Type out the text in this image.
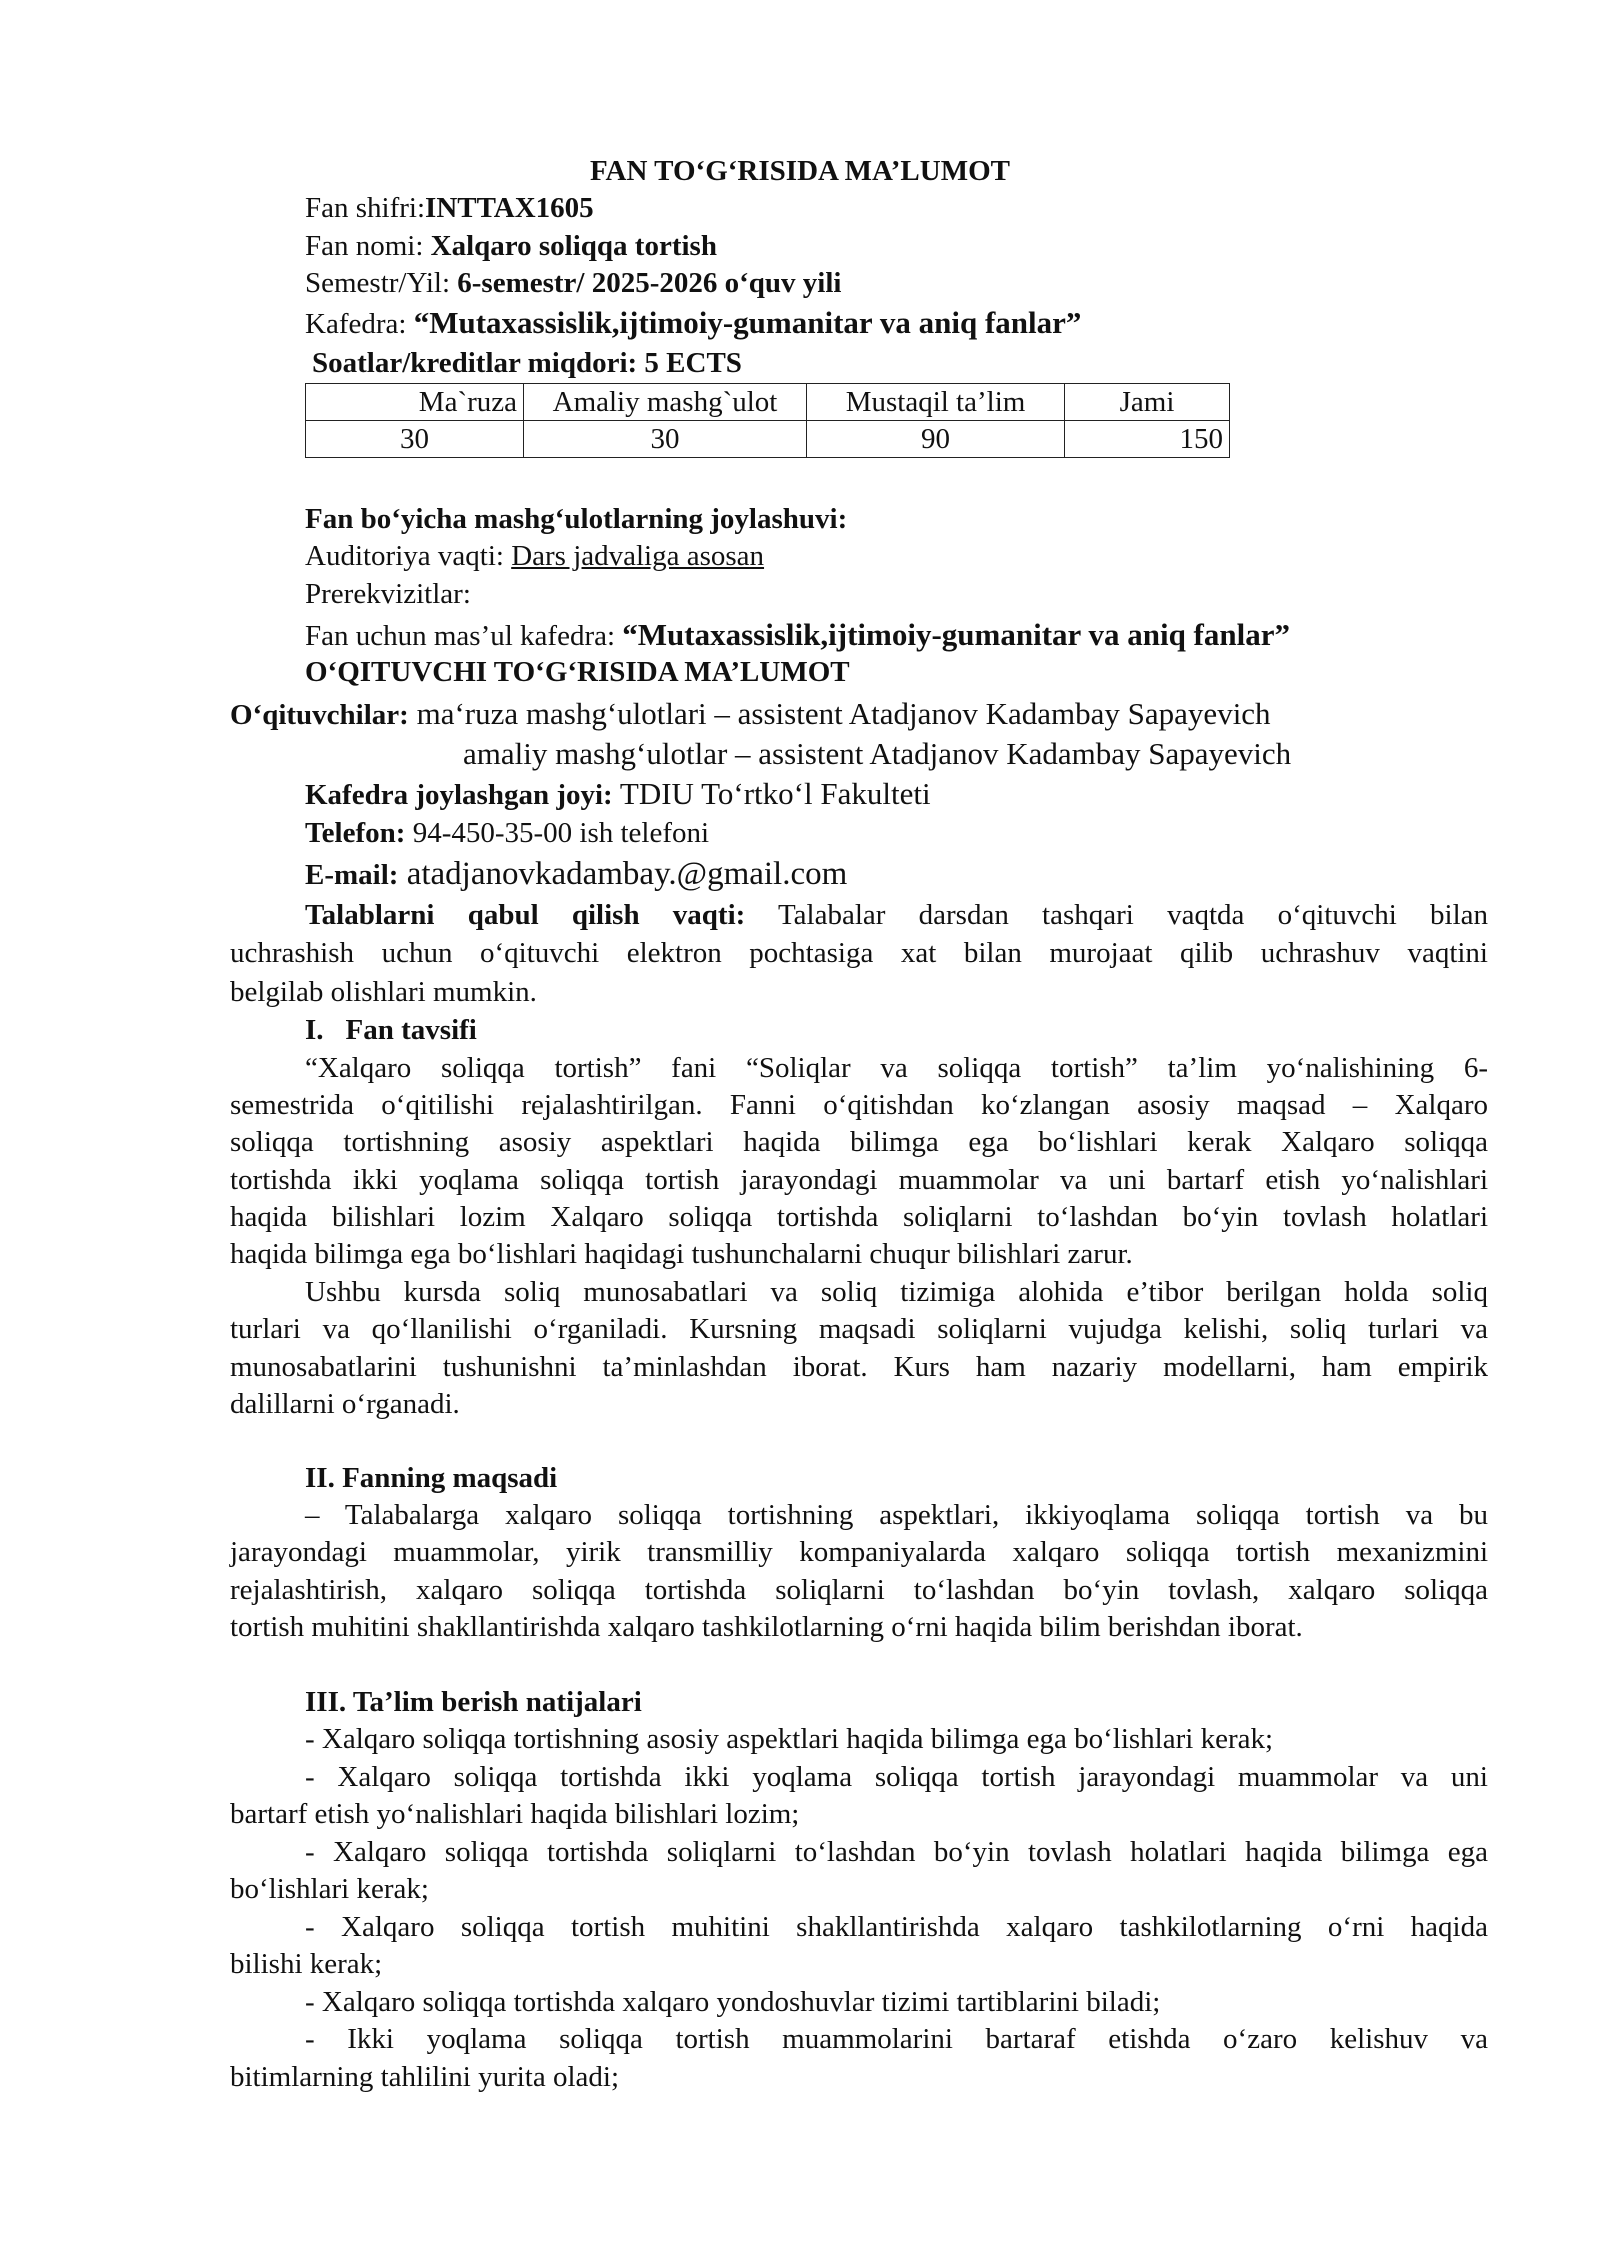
FAN TO‘G‘RISIDA MA’LUMOT
Fan shifri:INTTAX1605
Fan nomi: Xalqaro soliqqa tortish
Semestr/Yil: 6-semestr/ 2025-2026 o‘quv yili
Kafedra: “Mutaxassislik,ijtimoiy-gumanitar va aniq fanlar”
Soatlar/kreditlar miqdori: 5 ECTS
Ma`ruza	Amaliy mashg`ulot	Mustaqil ta’lim	Jami
30	30	90	150
Fan bo‘yicha mashg‘ulotlarning joylashuvi:
Auditoriya vaqti: Dars jadvaliga asosan
Prerekvizitlar:
Fan uchun mas’ul kafedra: “Mutaxassislik,ijtimoiy-gumanitar va aniq fanlar”
O‘QITUVCHI TO‘G‘RISIDA MA’LUMOT
O‘qituvchilar: ma‘ruza mashg‘ulotlari – assistent Atadjanov Kadambay Sapayevich
amaliy mashg‘ulotlar – assistent Atadjanov Kadambay Sapayevich
Kafedra joylashgan joyi: TDIU To‘rtko‘l Fakulteti
Telefon: 94-450-35-00 ish telefoni
E-mail: atadjanovkadambay.@gmail.com
Talablarni qabul qilish vaqti: Talabalar darsdan tashqari vaqtda o‘qituvchi bilan
uchrashish uchun o‘qituvchi elektron pochtasiga xat bilan murojaat qilib uchrashuv vaqtini
belgilab olishlari mumkin.
I. Fan tavsifi
“Xalqaro soliqqa tortish” fani “Soliqlar va soliqqa tortish” ta’lim yo‘nalishining 6-
semestrida o‘qitilishi rejalashtirilgan. Fanni o‘qitishdan ko‘zlangan asosiy maqsad – Xalqaro
soliqqa tortishning asosiy aspektlari haqida bilimga ega bo‘lishlari kerak Xalqaro soliqqa
tortishda ikki yoqlama soliqqa tortish jarayondagi muammolar va uni bartarf etish yo‘nalishlari
haqida bilishlari lozim Xalqaro soliqqa tortishda soliqlarni to‘lashdan bo‘yin tovlash holatlari
haqida bilimga ega bo‘lishlari haqidagi tushunchalarni chuqur bilishlari zarur.
Ushbu kursda soliq munosabatlari va soliq tizimiga alohida e’tibor berilgan holda soliq
turlari va qo‘llanilishi o‘rganiladi. Kursning maqsadi soliqlarni vujudga kelishi, soliq turlari va
munosabatlarini tushunishni ta’minlashdan iborat. Kurs ham nazariy modellarni, ham empirik
dalillarni o‘rganadi.
II. Fanning maqsadi
– Talabalarga xalqaro soliqqa tortishning aspektlari, ikkiyoqlama soliqqa tortish va bu
jarayondagi muammolar, yirik transmilliy kompaniyalarda xalqaro soliqqa tortish mexanizmini
rejalashtirish, xalqaro soliqqa tortishda soliqlarni to‘lashdan bo‘yin tovlash, xalqaro soliqqa
tortish muhitini shakllantirishda xalqaro tashkilotlarning o‘rni haqida bilim berishdan iborat.
III. Ta’lim berish natijalari
- Xalqaro soliqqa tortishning asosiy aspektlari haqida bilimga ega bo‘lishlari kerak;
- Xalqaro soliqqa tortishda ikki yoqlama soliqqa tortish jarayondagi muammolar va uni
bartarf etish yo‘nalishlari haqida bilishlari lozim;
- Xalqaro soliqqa tortishda soliqlarni to‘lashdan bo‘yin tovlash holatlari haqida bilimga ega
bo‘lishlari kerak;
- Xalqaro soliqqa tortish muhitini shakllantirishda xalqaro tashkilotlarning o‘rni haqida
bilishi kerak;
- Xalqaro soliqqa tortishda xalqaro yondoshuvlar tizimi tartiblarini biladi;
- Ikki yoqlama soliqqa tortish muammolarini bartaraf etishda o‘zaro kelishuv va
bitimlarning tahlilini yurita oladi;
